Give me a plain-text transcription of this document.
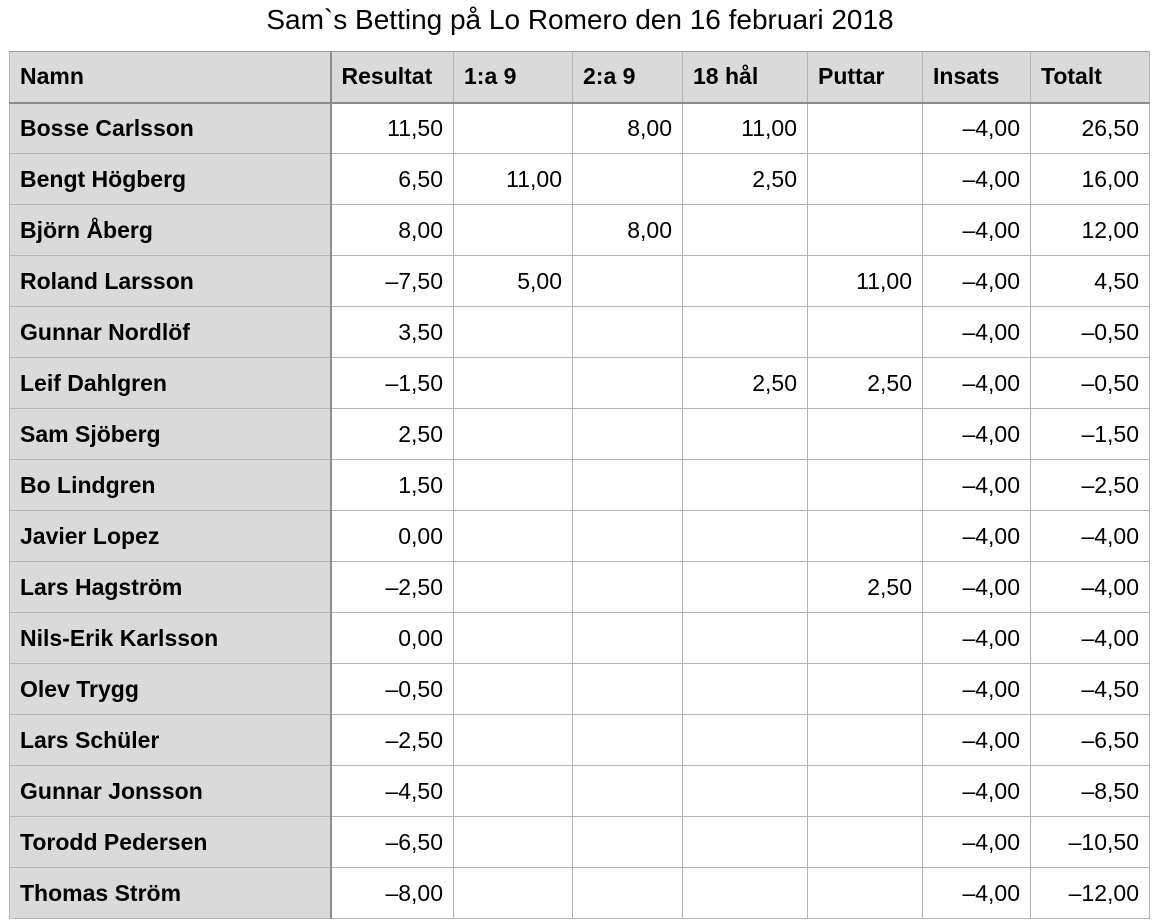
Sam`s Betting på Lo Romero den 16 februari 2018
Namn	Resultat	1:a 9	2:a 9	18 hål	Puttar	Insats	Totalt
Bosse Carlsson	11,50		8,00	11,00		–4,00	26,50
Bengt Högberg	6,50	11,00		2,50		–4,00	16,00
Björn Åberg	8,00		8,00			–4,00	12,00
Roland Larsson	–7,50	5,00			11,00	–4,00	4,50
Gunnar Nordlöf	3,50					–4,00	–0,50
Leif Dahlgren	–1,50			2,50	2,50	–4,00	–0,50
Sam Sjöberg	2,50					–4,00	–1,50
Bo Lindgren	1,50					–4,00	–2,50
Javier Lopez	0,00					–4,00	–4,00
Lars Hagström	–2,50				2,50	–4,00	–4,00
Nils-Erik Karlsson	0,00					–4,00	–4,00
Olev Trygg	–0,50					–4,00	–4,50
Lars Schüler	–2,50					–4,00	–6,50
Gunnar Jonsson	–4,50					–4,00	–8,50
Torodd Pedersen	–6,50					–4,00	–10,50
Thomas Ström	–8,00					–4,00	–12,00
